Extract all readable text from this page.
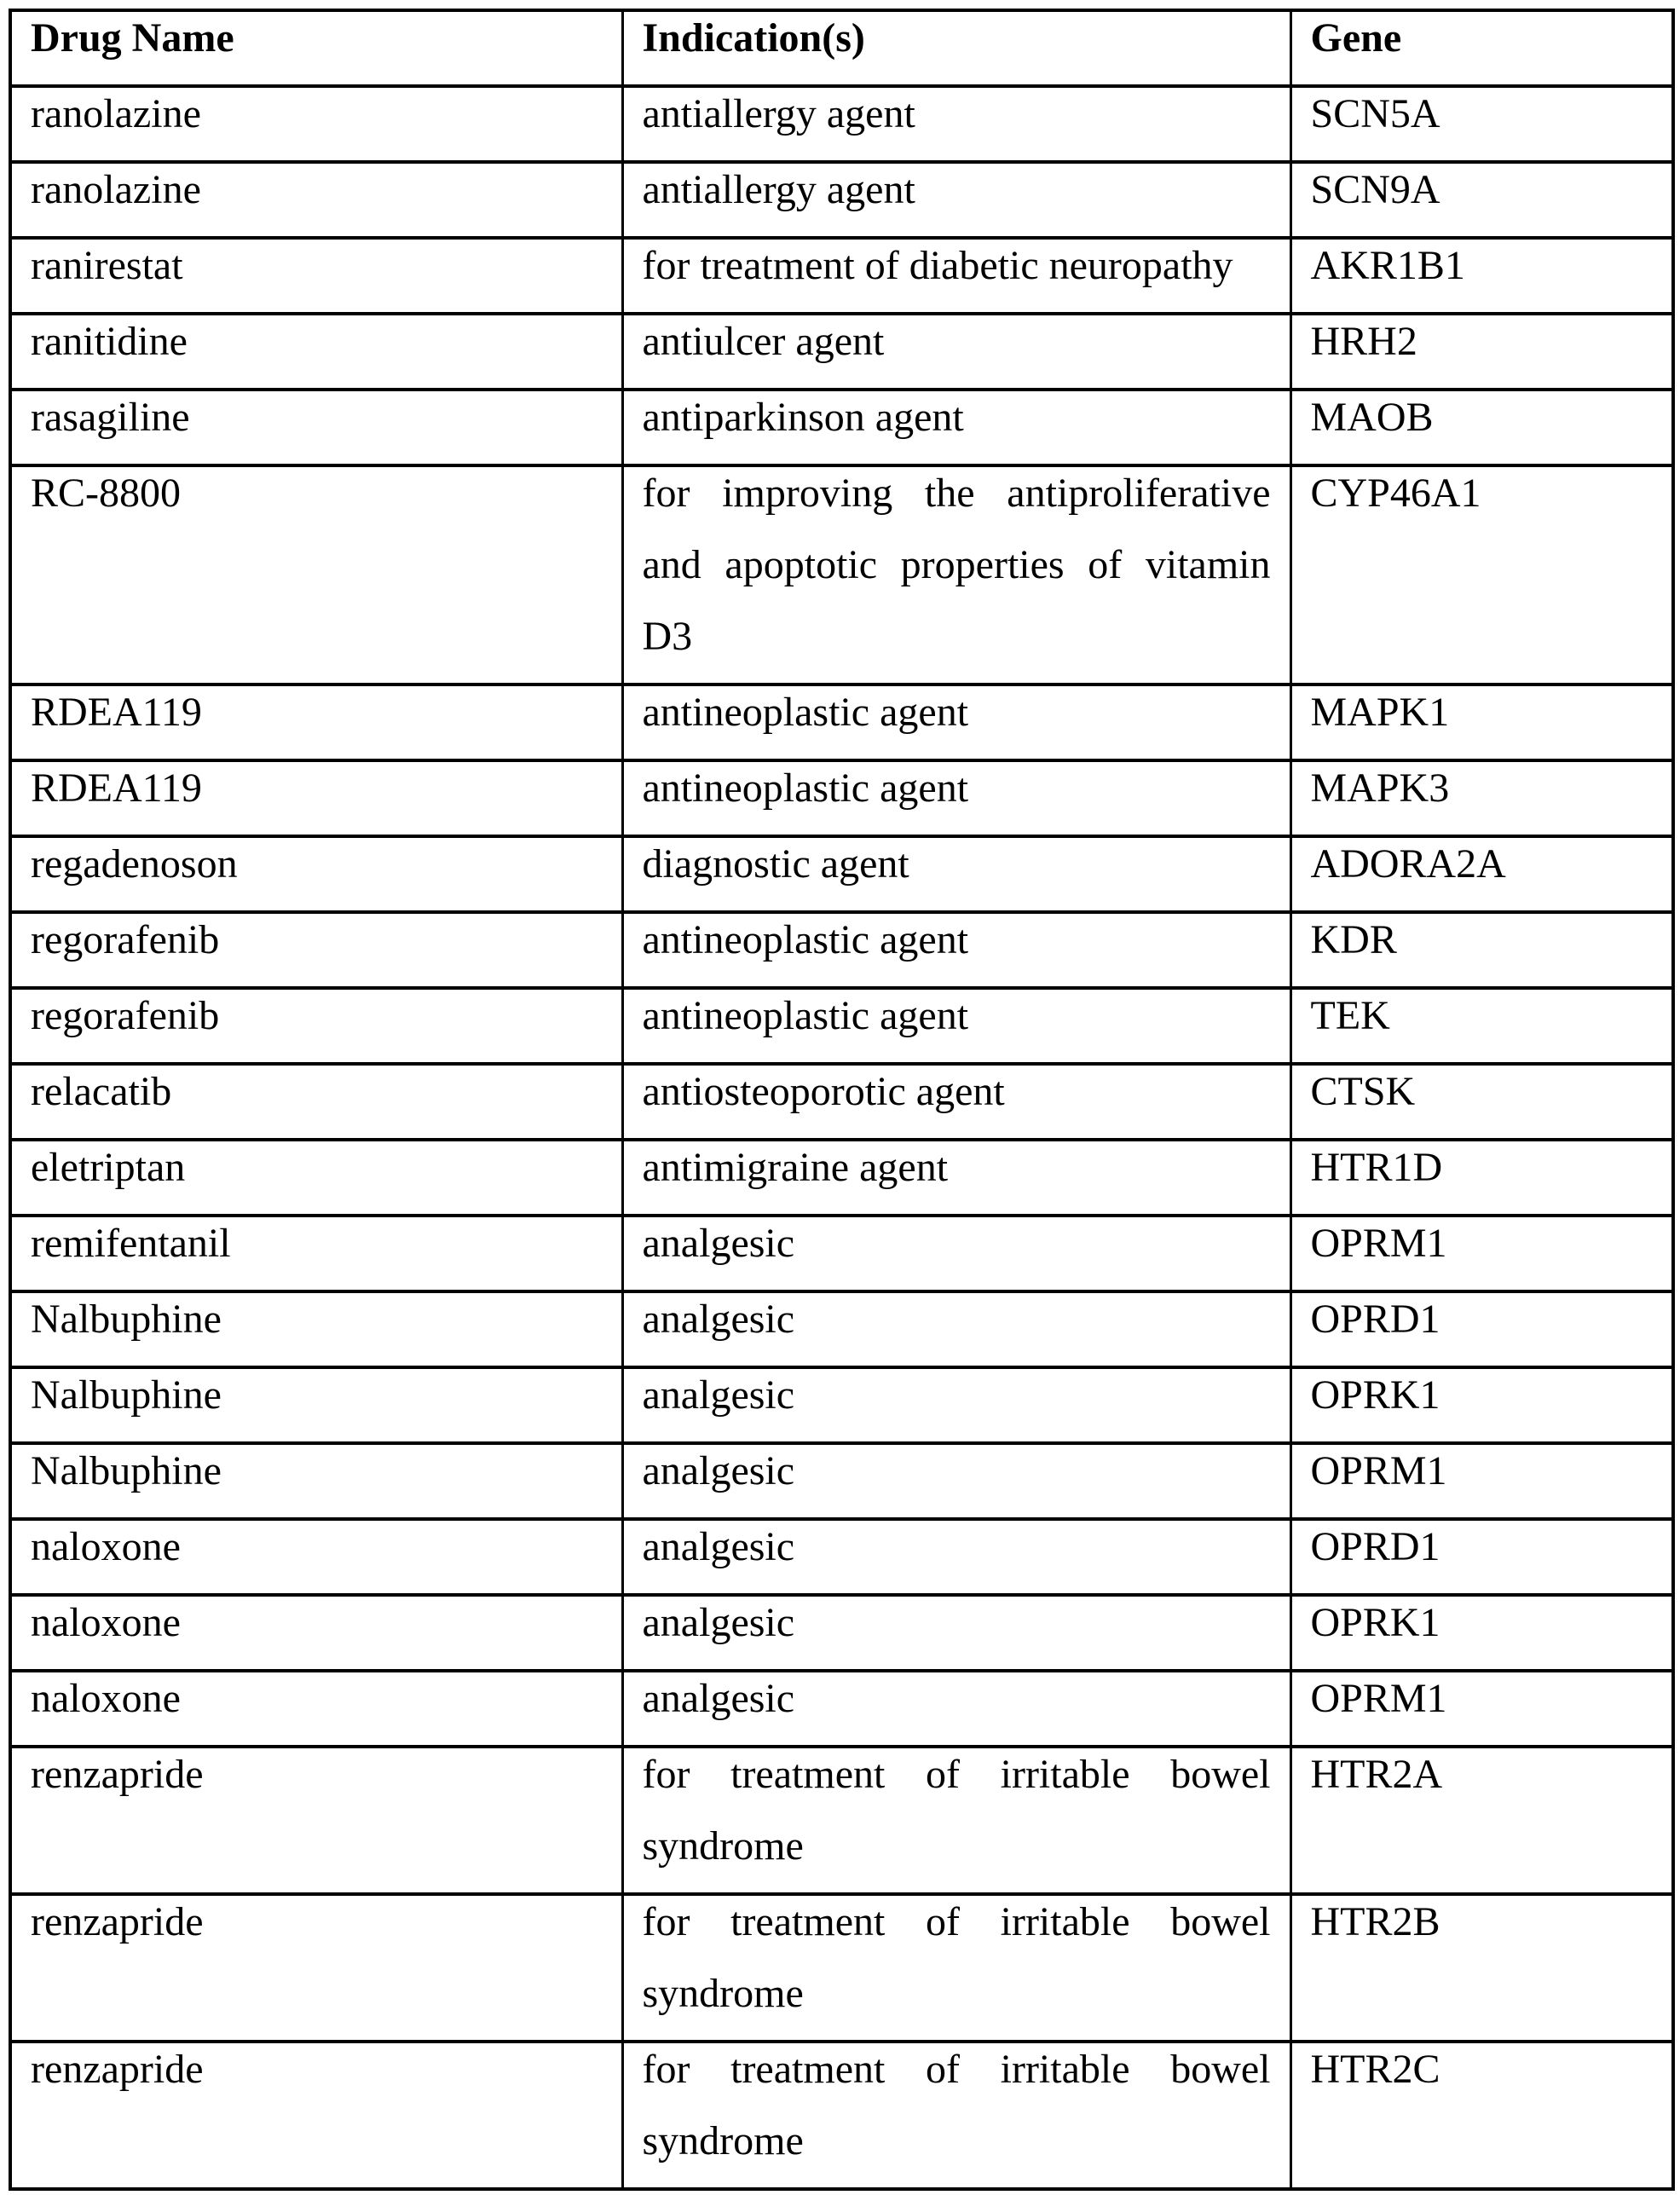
Drug Name	Indication(s)	Gene

ranolazine	antiallergy agent	SCN5A

ranolazine	antiallergy agent	SCN9A

ranirestat	for treatment of diabetic neuropathy	AKR1B1

ranitidine	antiulcer agent	HRH2

rasagiline	antiparkinson agent	MAOB

RC-8800	for improving the antiproliferative and apoptotic properties of vitamin D3	CYP46A1

RDEA119	antineoplastic agent	MAPK1

RDEA119	antineoplastic agent	MAPK3

regadenoson	diagnostic agent	ADORA2A

regorafenib	antineoplastic agent	KDR

regorafenib	antineoplastic agent	TEK

relacatib	antiosteoporotic agent	CTSK

eletriptan	antimigraine agent	HTR1D

remifentanil	analgesic	OPRM1

Nalbuphine	analgesic	OPRD1

Nalbuphine	analgesic	OPRK1

Nalbuphine	analgesic	OPRM1

naloxone	analgesic	OPRD1

naloxone	analgesic	OPRK1

naloxone	analgesic	OPRM1

renzapride	for treatment of irritable bowel syndrome	HTR2A

renzapride	for treatment of irritable bowel syndrome	HTR2B

renzapride	for treatment of irritable bowel syndrome	HTR2C
